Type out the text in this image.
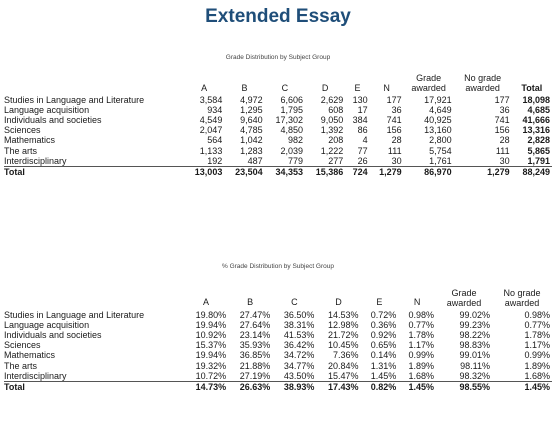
Extended Essay
Grade Distribution by Subject Group
	A	B	C	D	E	N	Grade awarded	No grade awarded	Total
Studies in Language and Literature	3,584	4,972	6,606	2,629	130	177	17,921	177	18,098
Language acquisition	934	1,295	1,795	608	17	36	4,649	36	4,685
Individuals and societies	4,549	9,640	17,302	9,050	384	741	40,925	741	41,666
Sciences	2,047	4,785	4,850	1,392	86	156	13,160	156	13,316
Mathematics	564	1,042	982	208	4	28	2,800	28	2,828
The arts	1,133	1,283	2,039	1,222	77	111	5,754	111	5,865
Interdisciplinary	192	487	779	277	26	30	1,761	30	1,791
Total	13,003	23,504	34,353	15,386	724	1,279	86,970	1,279	88,249
% Grade Distribution by Subject Group
	A	B	C	D	E	N	Grade awarded	No grade awarded
Studies in Language and Literature	19.80%	27.47%	36.50%	14.53%	0.72%	0.98%	99.02%	0.98%
Language acquisition	19.94%	27.64%	38.31%	12.98%	0.36%	0.77%	99.23%	0.77%
Individuals and societies	10.92%	23.14%	41.53%	21.72%	0.92%	1.78%	98.22%	1.78%
Sciences	15.37%	35.93%	36.42%	10.45%	0.65%	1.17%	98.83%	1.17%
Mathematics	19.94%	36.85%	34.72%	7.36%	0.14%	0.99%	99.01%	0.99%
The arts	19.32%	21.88%	34.77%	20.84%	1.31%	1.89%	98.11%	1.89%
Interdisciplinary	10.72%	27.19%	43.50%	15.47%	1.45%	1.68%	98.32%	1.68%
Total	14.73%	26.63%	38.93%	17.43%	0.82%	1.45%	98.55%	1.45%
